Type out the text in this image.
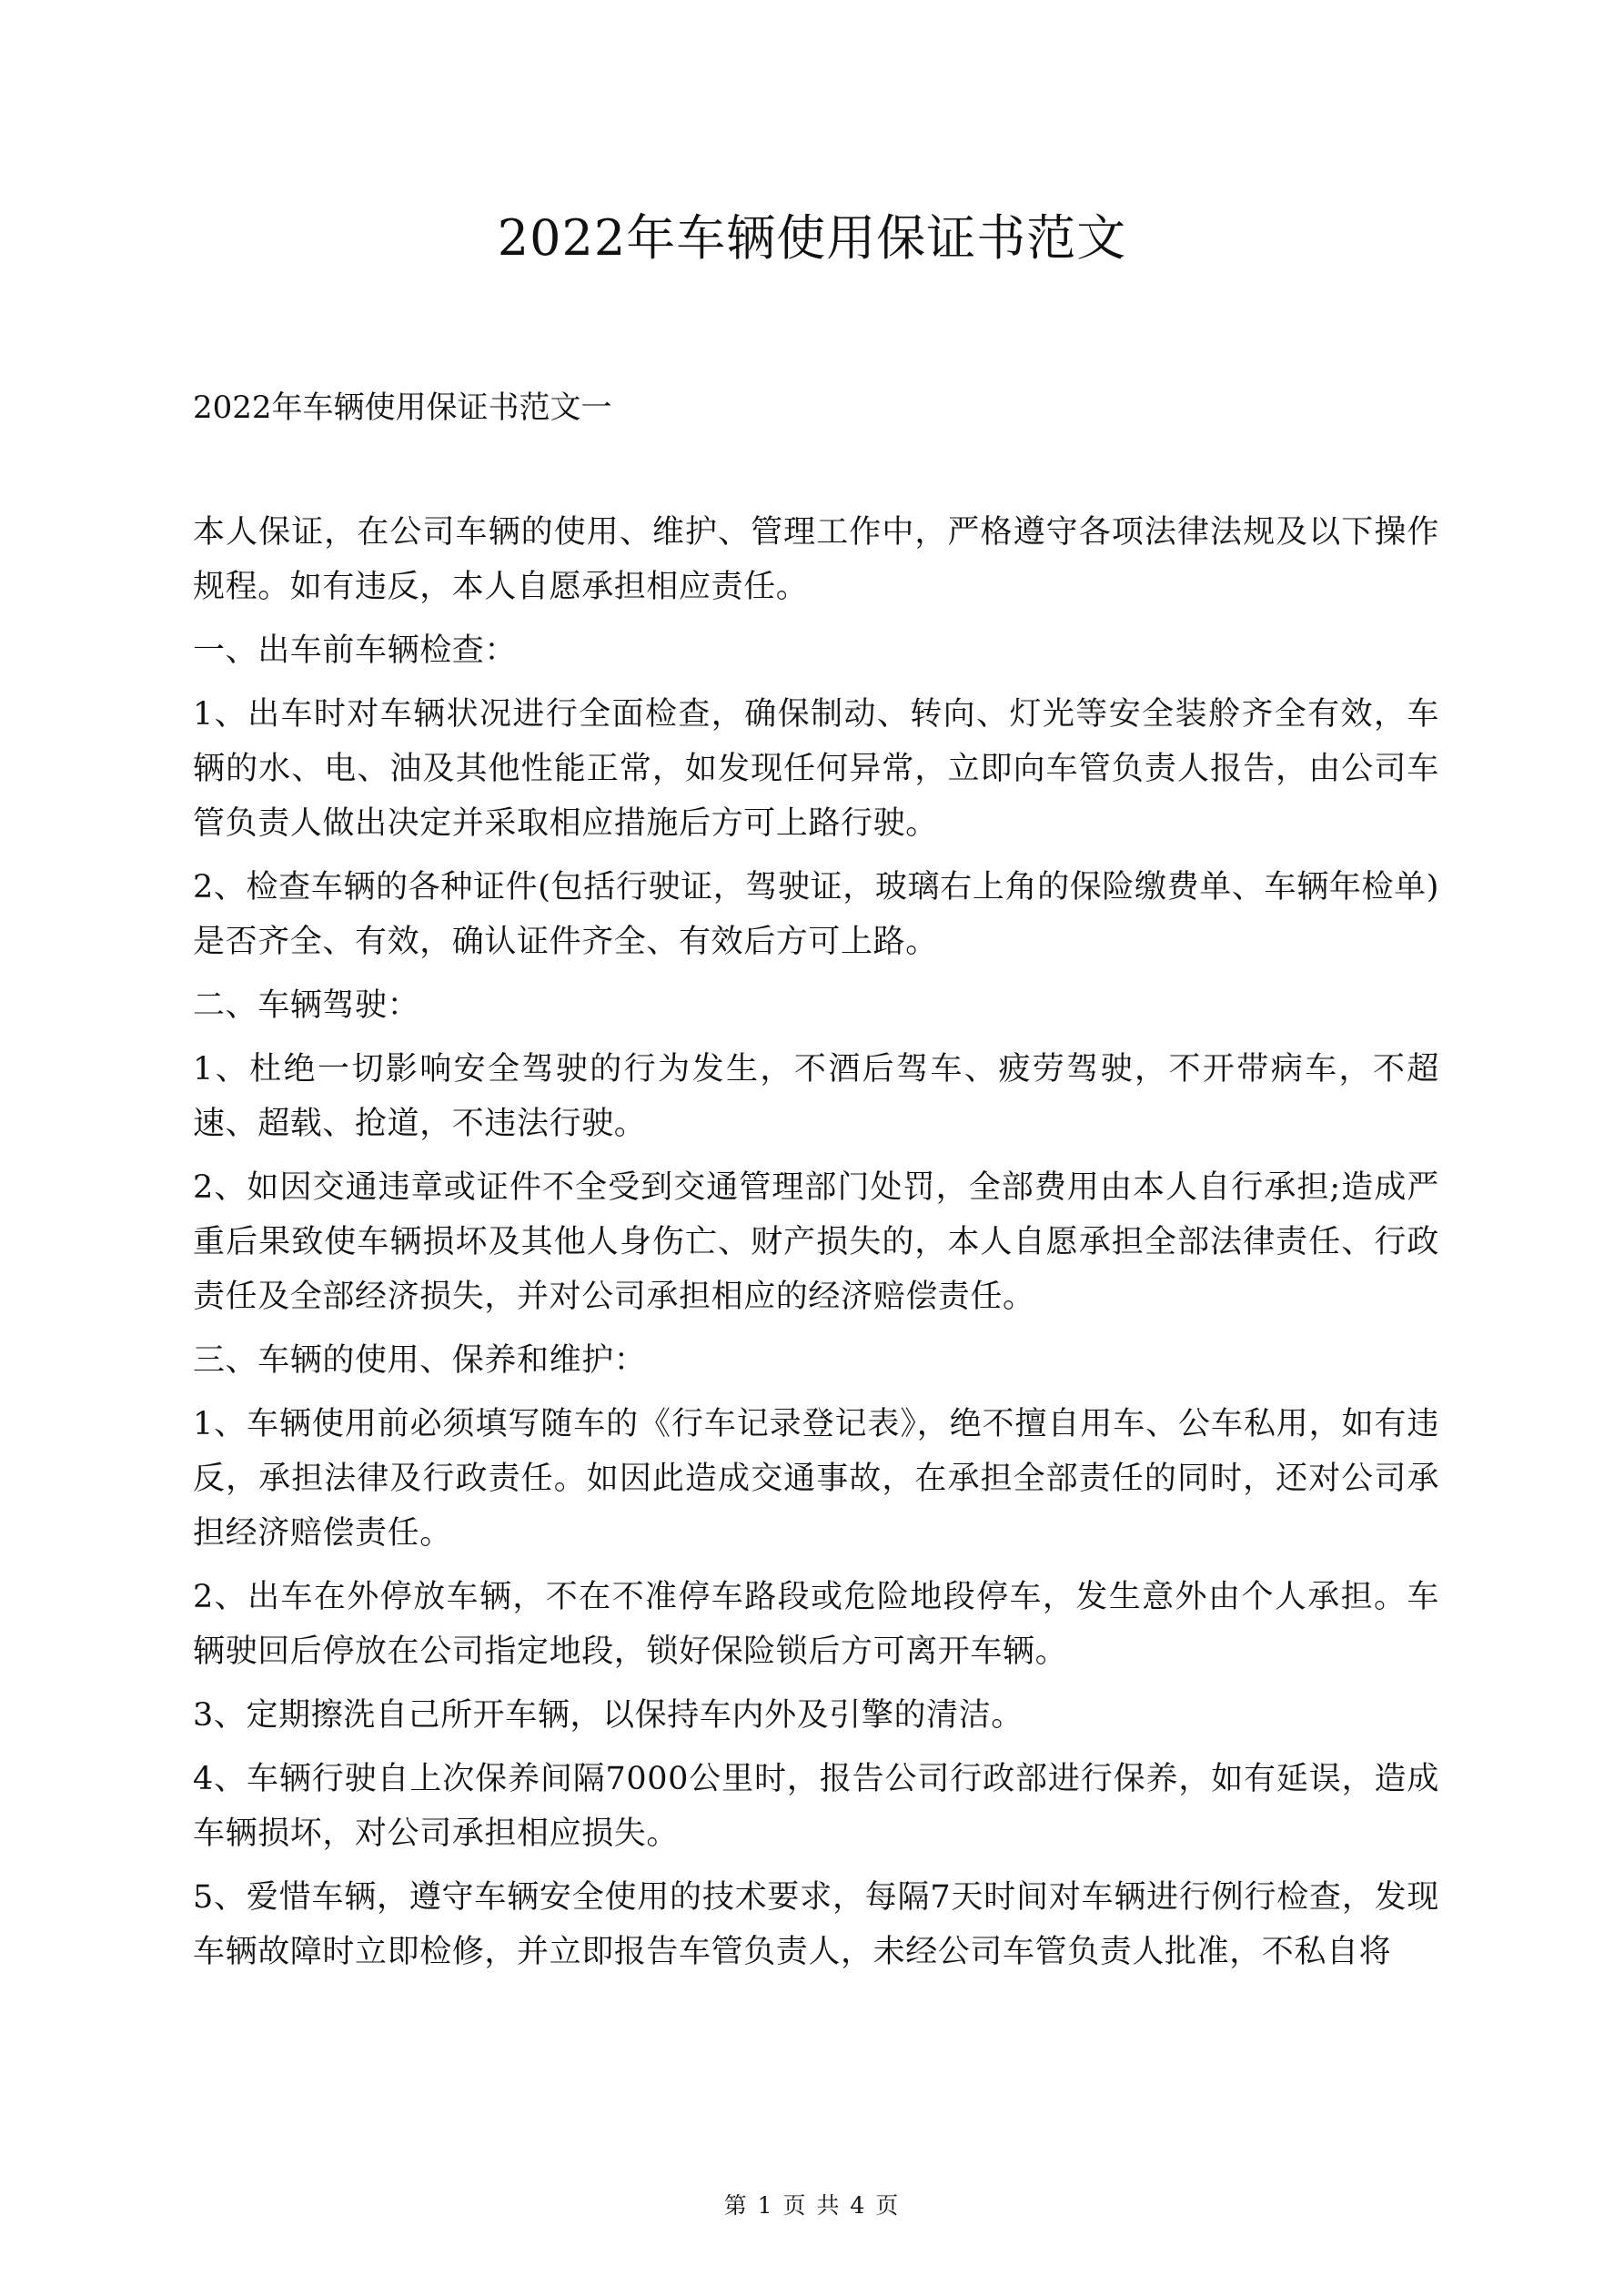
2022年车辆使用保证书范文

2022年车辆使用保证书范文一

本人保证，在公司车辆的使用、维护、管理工作中，严格遵守各项法律法规及以下操作规程。如有违反，本人自愿承担相应责任。

一、出车前车辆检查：

1、出车时对车辆状况进行全面检查，确保制动、转向、灯光等安全装舲齐全有效，车辆的水、电、油及其他性能正常，如发现任何异常，立即向车管负责人报告，由公司车管负责人做出决定并采取相应措施后方可上路行驶。

2、检查车辆的各种证件(包括行驶证，驾驶证，玻璃右上角的保险缴费单、车辆年检单)是否齐全、有效，确认证件齐全、有效后方可上路。

二、车辆驾驶：

1、杜绝一切影响安全驾驶的行为发生，不酒后驾车、疲劳驾驶，不开带病车，不超速、超载、抢道，不违法行驶。

2、如因交通违章或证件不全受到交通管理部门处罚，全部费用由本人自行承担;造成严重后果致使车辆损坏及其他人身伤亡、财产损失的，本人自愿承担全部法律责任、行政责任及全部经济损失，并对公司承担相应的经济赔偿责任。

三、车辆的使用、保养和维护：

1、车辆使用前必须填写随车的《行车记录登记表》，绝不擅自用车、公车私用，如有违反，承担法律及行政责任。如因此造成交通事故，在承担全部责任的同时，还对公司承担经济赔偿责任。

2、出车在外停放车辆，不在不准停车路段或危险地段停车，发生意外由个人承担。车辆驶回后停放在公司指定地段，锁好保险锁后方可离开车辆。

3、定期擦洗自己所开车辆，以保持车内外及引擎的清洁。

4、车辆行驶自上次保养间隔7000公里时，报告公司行政部进行保养，如有延误，造成车辆损坏，对公司承担相应损失。

5、爱惜车辆，遵守车辆安全使用的技术要求，每隔7天时间对车辆进行例行检查，发现车辆故障时立即检修，并立即报告车管负责人，未经公司车管负责人批准，不私自将

第 1 页 共 4 页
